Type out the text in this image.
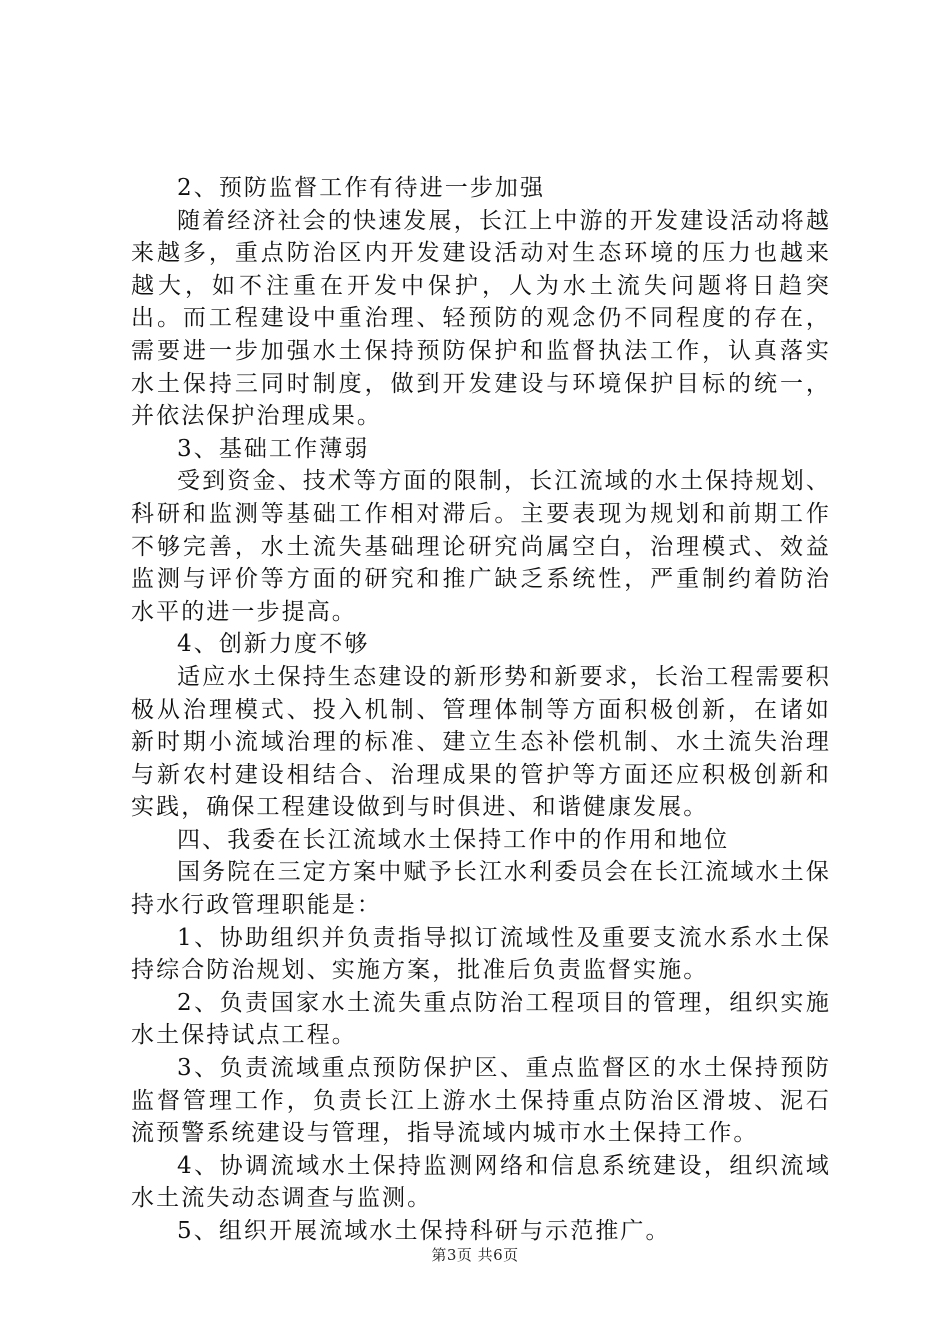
2、预防监督工作有待进一步加强

随着经济社会的快速发展，长江上中游的开发建设活动将越来越多，重点防治区内开发建设活动对生态环境的压力也越来越大，如不注重在开发中保护，人为水土流失问题将日趋突出。而工程建设中重治理、轻预防的观念仍不同程度的存在，需要进一步加强水土保持预防保护和监督执法工作，认真落实水土保持三同时制度，做到开发建设与环境保护目标的统一，并依法保护治理成果。

3、基础工作薄弱

受到资金、技术等方面的限制，长江流域的水土保持规划、科研和监测等基础工作相对滞后。主要表现为规划和前期工作不够完善，水土流失基础理论研究尚属空白，治理模式、效益监测与评价等方面的研究和推广缺乏系统性，严重制约着防治水平的进一步提高。

4、创新力度不够

适应水土保持生态建设的新形势和新要求，长治工程需要积极从治理模式、投入机制、管理体制等方面积极创新，在诸如新时期小流域治理的标准、建立生态补偿机制、水土流失治理与新农村建设相结合、治理成果的管护等方面还应积极创新和实践，确保工程建设做到与时俱进、和谐健康发展。

四、我委在长江流域水土保持工作中的作用和地位

国务院在三定方案中赋予长江水利委员会在长江流域水土保持水行政管理职能是：

1、协助组织并负责指导拟订流域性及重要支流水系水土保持综合防治规划、实施方案，批准后负责监督实施。

2、负责国家水土流失重点防治工程项目的管理，组织实施水土保持试点工程。

3、负责流域重点预防保护区、重点监督区的水土保持预防监督管理工作，负责长江上游水土保持重点防治区滑坡、泥石流预警系统建设与管理，指导流域内城市水土保持工作。

4、协调流域水土保持监测网络和信息系统建设，组织流域水土流失动态调查与监测。

5、组织开展流域水土保持科研与示范推广。

第3页 共6页
